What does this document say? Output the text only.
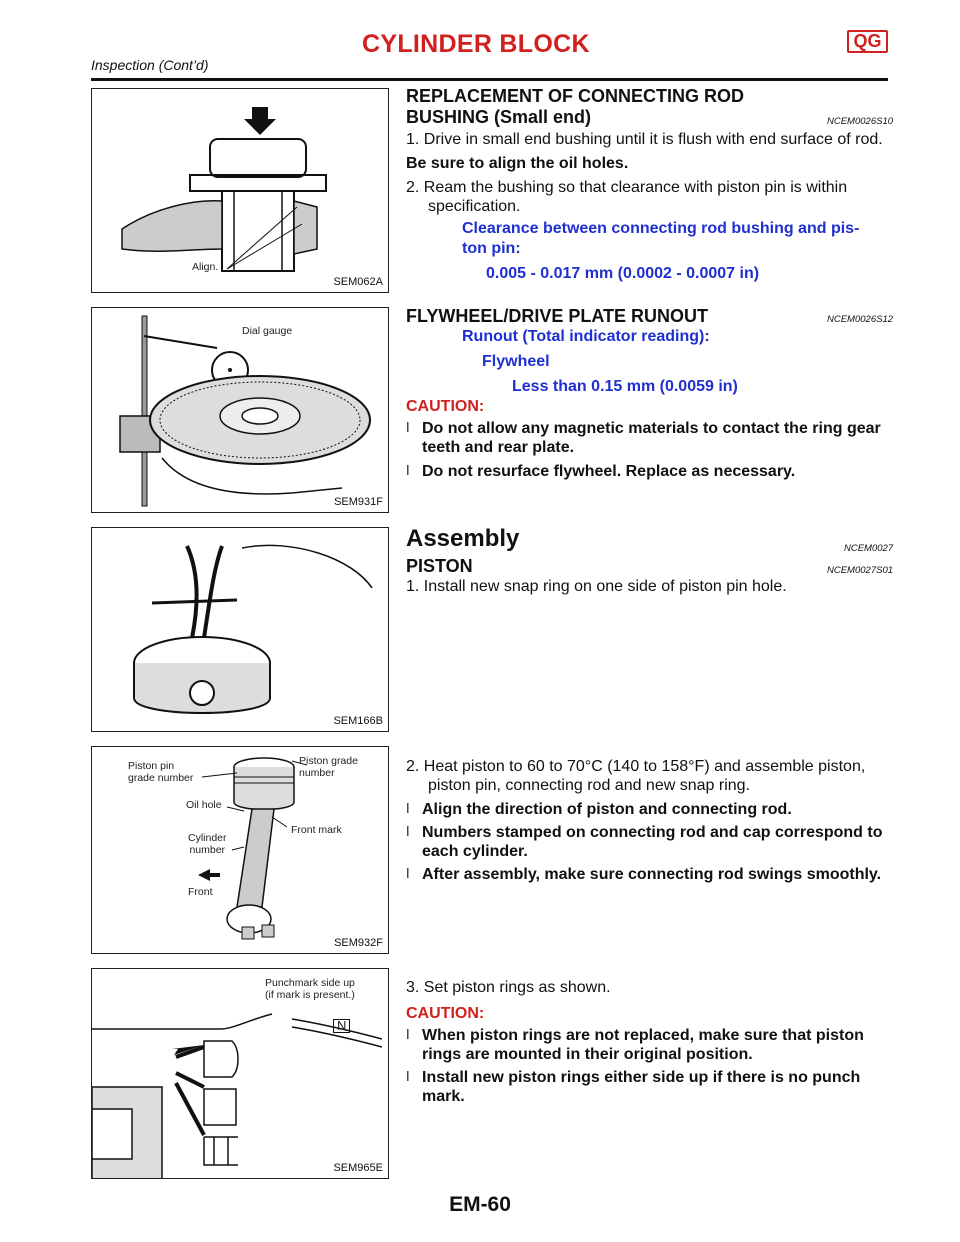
CYLINDER BLOCK	QG
Inspection (Cont’d)
Align.
SEM062A
Dial gauge
SEM931F
SEM166B
Piston pin
grade number
Piston grade
number
Oil hole
Front mark
Cylinder
number
Front
SEM932F
Punchmark side up
(if mark is present.)
N
SEM965E
REPLACEMENT OF CONNECTING ROD BUSHING (Small end)	NCEM0026S10
1. Drive in small end bushing until it is flush with end surface of rod.
Be sure to align the oil holes.
2. Ream the bushing so that clearance with piston pin is within specification.
Clearance between connecting rod bushing and pis- ton pin:
0.005 - 0.017 mm (0.0002 - 0.0007 in)
FLYWHEEL/DRIVE PLATE RUNOUT	NCEM0026S12
Runout (Total indicator reading):
Flywheel
Less than 0.15 mm (0.0059 in)
CAUTION:
l Do not allow any magnetic materials to contact the ring gear teeth and rear plate.
l Do not resurface flywheel. Replace as necessary.
Assembly	NCEM0027
PISTON	NCEM0027S01
1. Install new snap ring on one side of piston pin hole.
2. Heat piston to 60 to 70°C (140 to 158°F) and assemble piston, piston pin, connecting rod and new snap ring.
l Align the direction of piston and connecting rod.
l Numbers stamped on connecting rod and cap correspond to each cylinder.
l After assembly, make sure connecting rod swings smoothly.
3. Set piston rings as shown.
CAUTION:
l When piston rings are not replaced, make sure that piston rings are mounted in their original position.
l Install new piston rings either side up if there is no punch mark.
EM-60
